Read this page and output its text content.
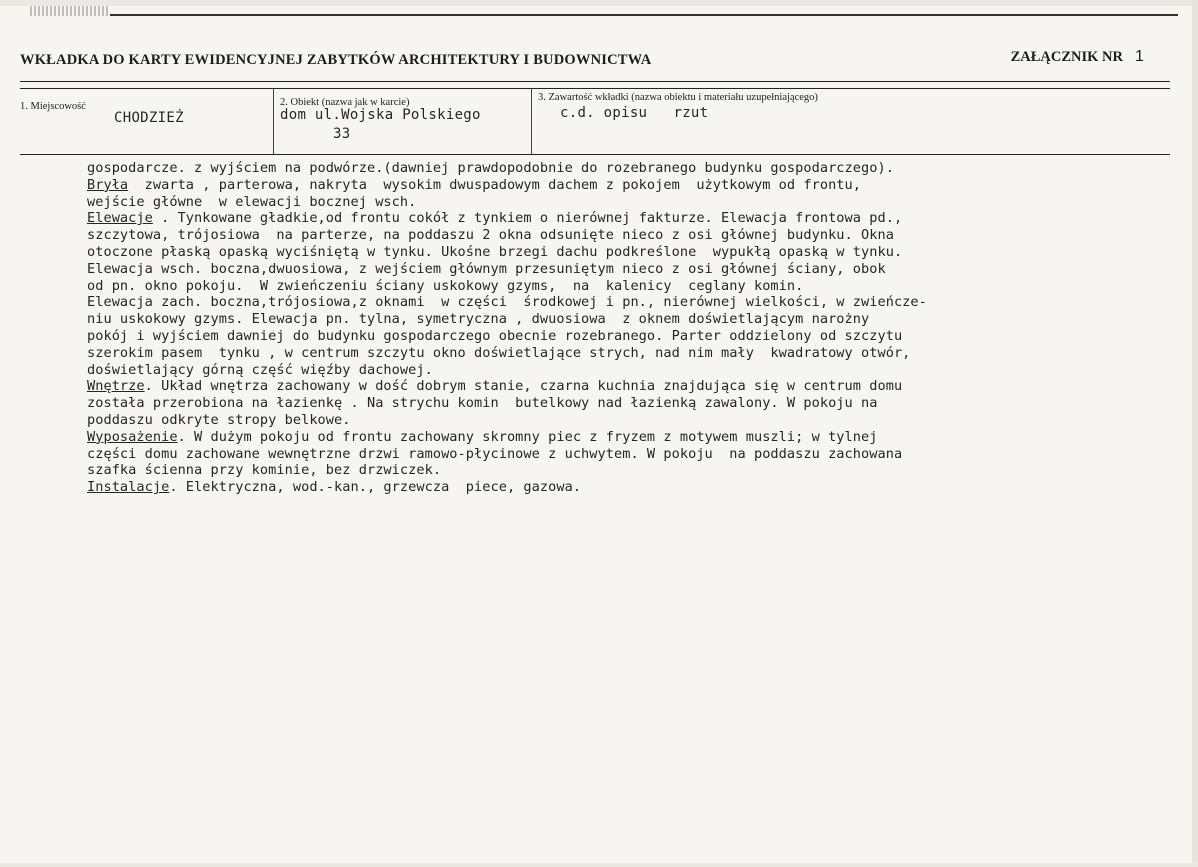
WKŁADKA DO KARTY EWIDENCYJNEJ ZABYTKÓW ARCHITEKTURY I BUDOWNICTWA	ZAŁĄCZNIK NR 1
1. Miejscowość
CHODZIEŻ
2. Obiekt (nazwa jak w karcie)
dom ul.Wojska Polskiego
33
3. Zawartość wkładki (nazwa obiektu i materiału uzupełniającego)
c.d. opisu   rzut
gospodarcze. z wyjściem na podwórze.(dawniej prawdopodobnie do rozebranego budynku gospodarczego).
Bryła  zwarta , parterowa, nakryta  wysokim dwuspadowym dachem z pokojem  użytkowym od frontu,
wejście główne  w elewacji bocznej wsch.
Elewacje . Tynkowane gładkie,od frontu cokół z tynkiem o nierównej fakturze. Elewacja frontowa pd.,
szczytowa, trójosiowa  na parterze, na poddaszu 2 okna odsunięte nieco z osi głównej budynku. Okna
otoczone płaską opaską wyciśniętą w tynku. Ukośne brzegi dachu podkreślone  wypukłą opaską w tynku.
Elewacja wsch. boczna,dwuosiowa, z wejściem głównym przesuniętym nieco z osi głównej ściany, obok
od pn. okno pokoju.  W zwieńczeniu ściany uskokowy gzyms,  na  kalenicy  ceglany komin.
Elewacja zach. boczna,trójosiowa,z oknami  w części  środkowej i pn., nierównej wielkości, w zwieńcze-
niu uskokowy gzyms. Elewacja pn. tylna, symetryczna , dwuosiowa  z oknem doświetlającym narożny
pokój i wyjściem dawniej do budynku gospodarczego obecnie rozebranego. Parter oddzielony od szczytu
szerokim pasem  tynku , w centrum szczytu okno doświetlające strych, nad nim mały  kwadratowy otwór,
doświetlający górną część więźby dachowej.
Wnętrze. Układ wnętrza zachowany w dość dobrym stanie, czarna kuchnia znajdująca się w centrum domu
została przerobiona na łazienkę . Na strychu komin  butelkowy nad łazienką zawalony. W pokoju na
poddaszu odkryte stropy belkowe.
Wyposażenie. W dużym pokoju od frontu zachowany skromny piec z fryzem z motywem muszli; w tylnej
części domu zachowane wewnętrzne drzwi ramowo-płycinowe z uchwytem. W pokoju  na poddaszu zachowana
szafka ścienna przy kominie, bez drzwiczek.
Instalacje. Elektryczna, wod.-kan., grzewcza  piece, gazowa.
